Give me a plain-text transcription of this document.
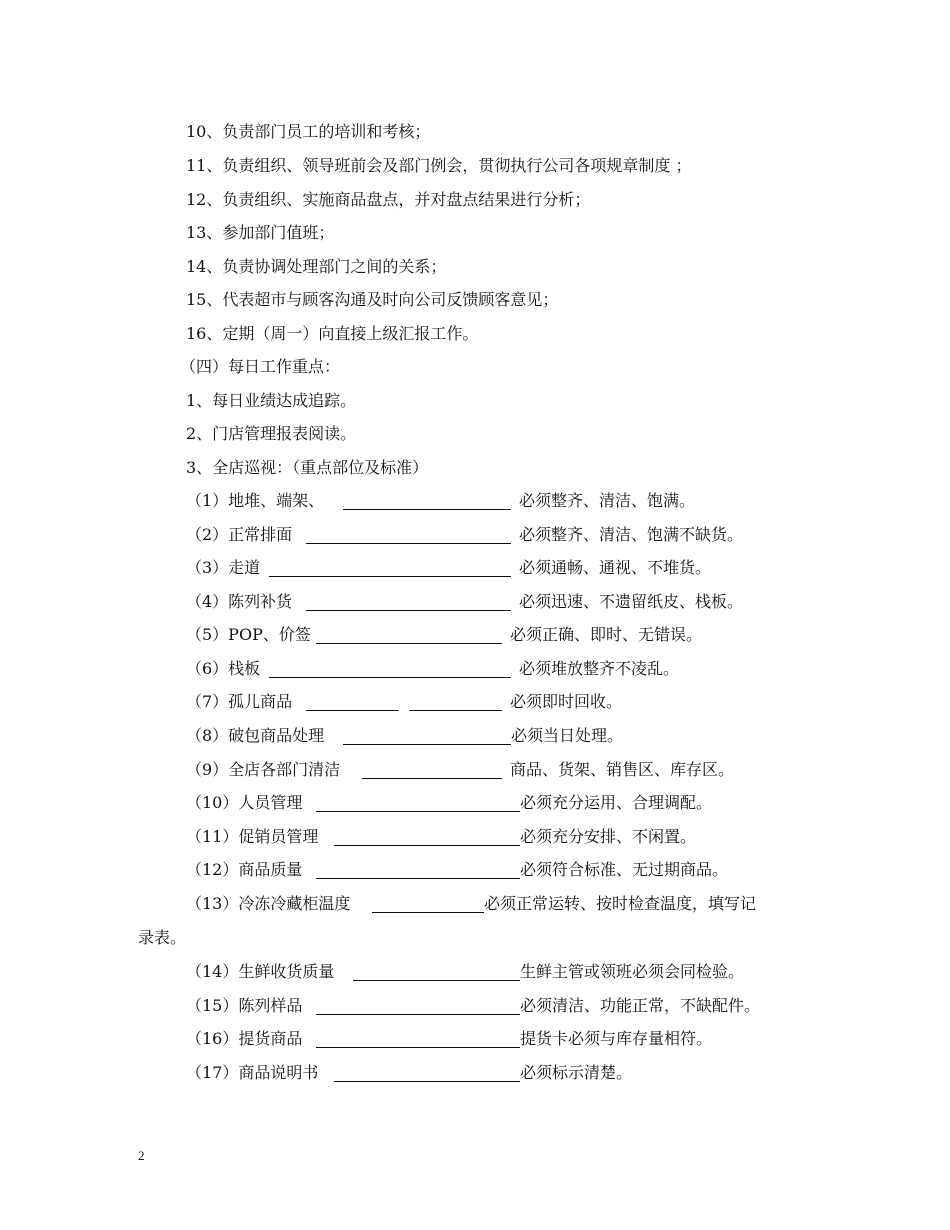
10、负责部门员工的培训和考核；
11、负责组织、领导班前会及部门例会，贯彻执行公司各项规章制度 ；
12、负责组织、实施商品盘点，并对盘点结果进行分析；
13、参加部门值班；
14、负责协调处理部门之间的关系；
15、代表超市与顾客沟通及时向公司反馈顾客意见；
16、定期（周一）向直接上级汇报工作。
（四）每日工作重点：
1、每日业绩达成追踪。
2、门店管理报表阅读。
3、全店巡视：（重点部位及标准）

（1）地堆、端架、

	必须整齐、清洁、饱满。

（2）正常排面

	必须整齐、清洁、饱满不缺货。

（3）走道

	必须通畅、通视、不堆货。

（4）陈列补货

	必须迅速、不遗留纸皮、栈板。

（5）POP、价签

	必须正确、即时、无错误。

（6）栈板

	必须堆放整齐不凌乱。

（7）孤儿商品

	必须即时回收。

（8）破包商品处理

	必须当日处理。

（9）全店各部门清洁

	商品、货架、销售区、库存区。

（10）人员管理

	必须充分运用、合理调配。

（11）促销员管理

	必须充分安排、不闲置。

（12）商品质量

	必须符合标准、无过期商品。

（13）冷冻冷藏柜温度

	必须正常运转、按时检查温度，填写记

录表。

（14）生鲜收货质量

	生鲜主管或领班必须会同检验。

（15）陈列样品

	必须清洁、功能正常，不缺配件。

（16）提货商品

	提货卡必须与库存量相符。

（17）商品说明书

	必须标示清楚。

2
